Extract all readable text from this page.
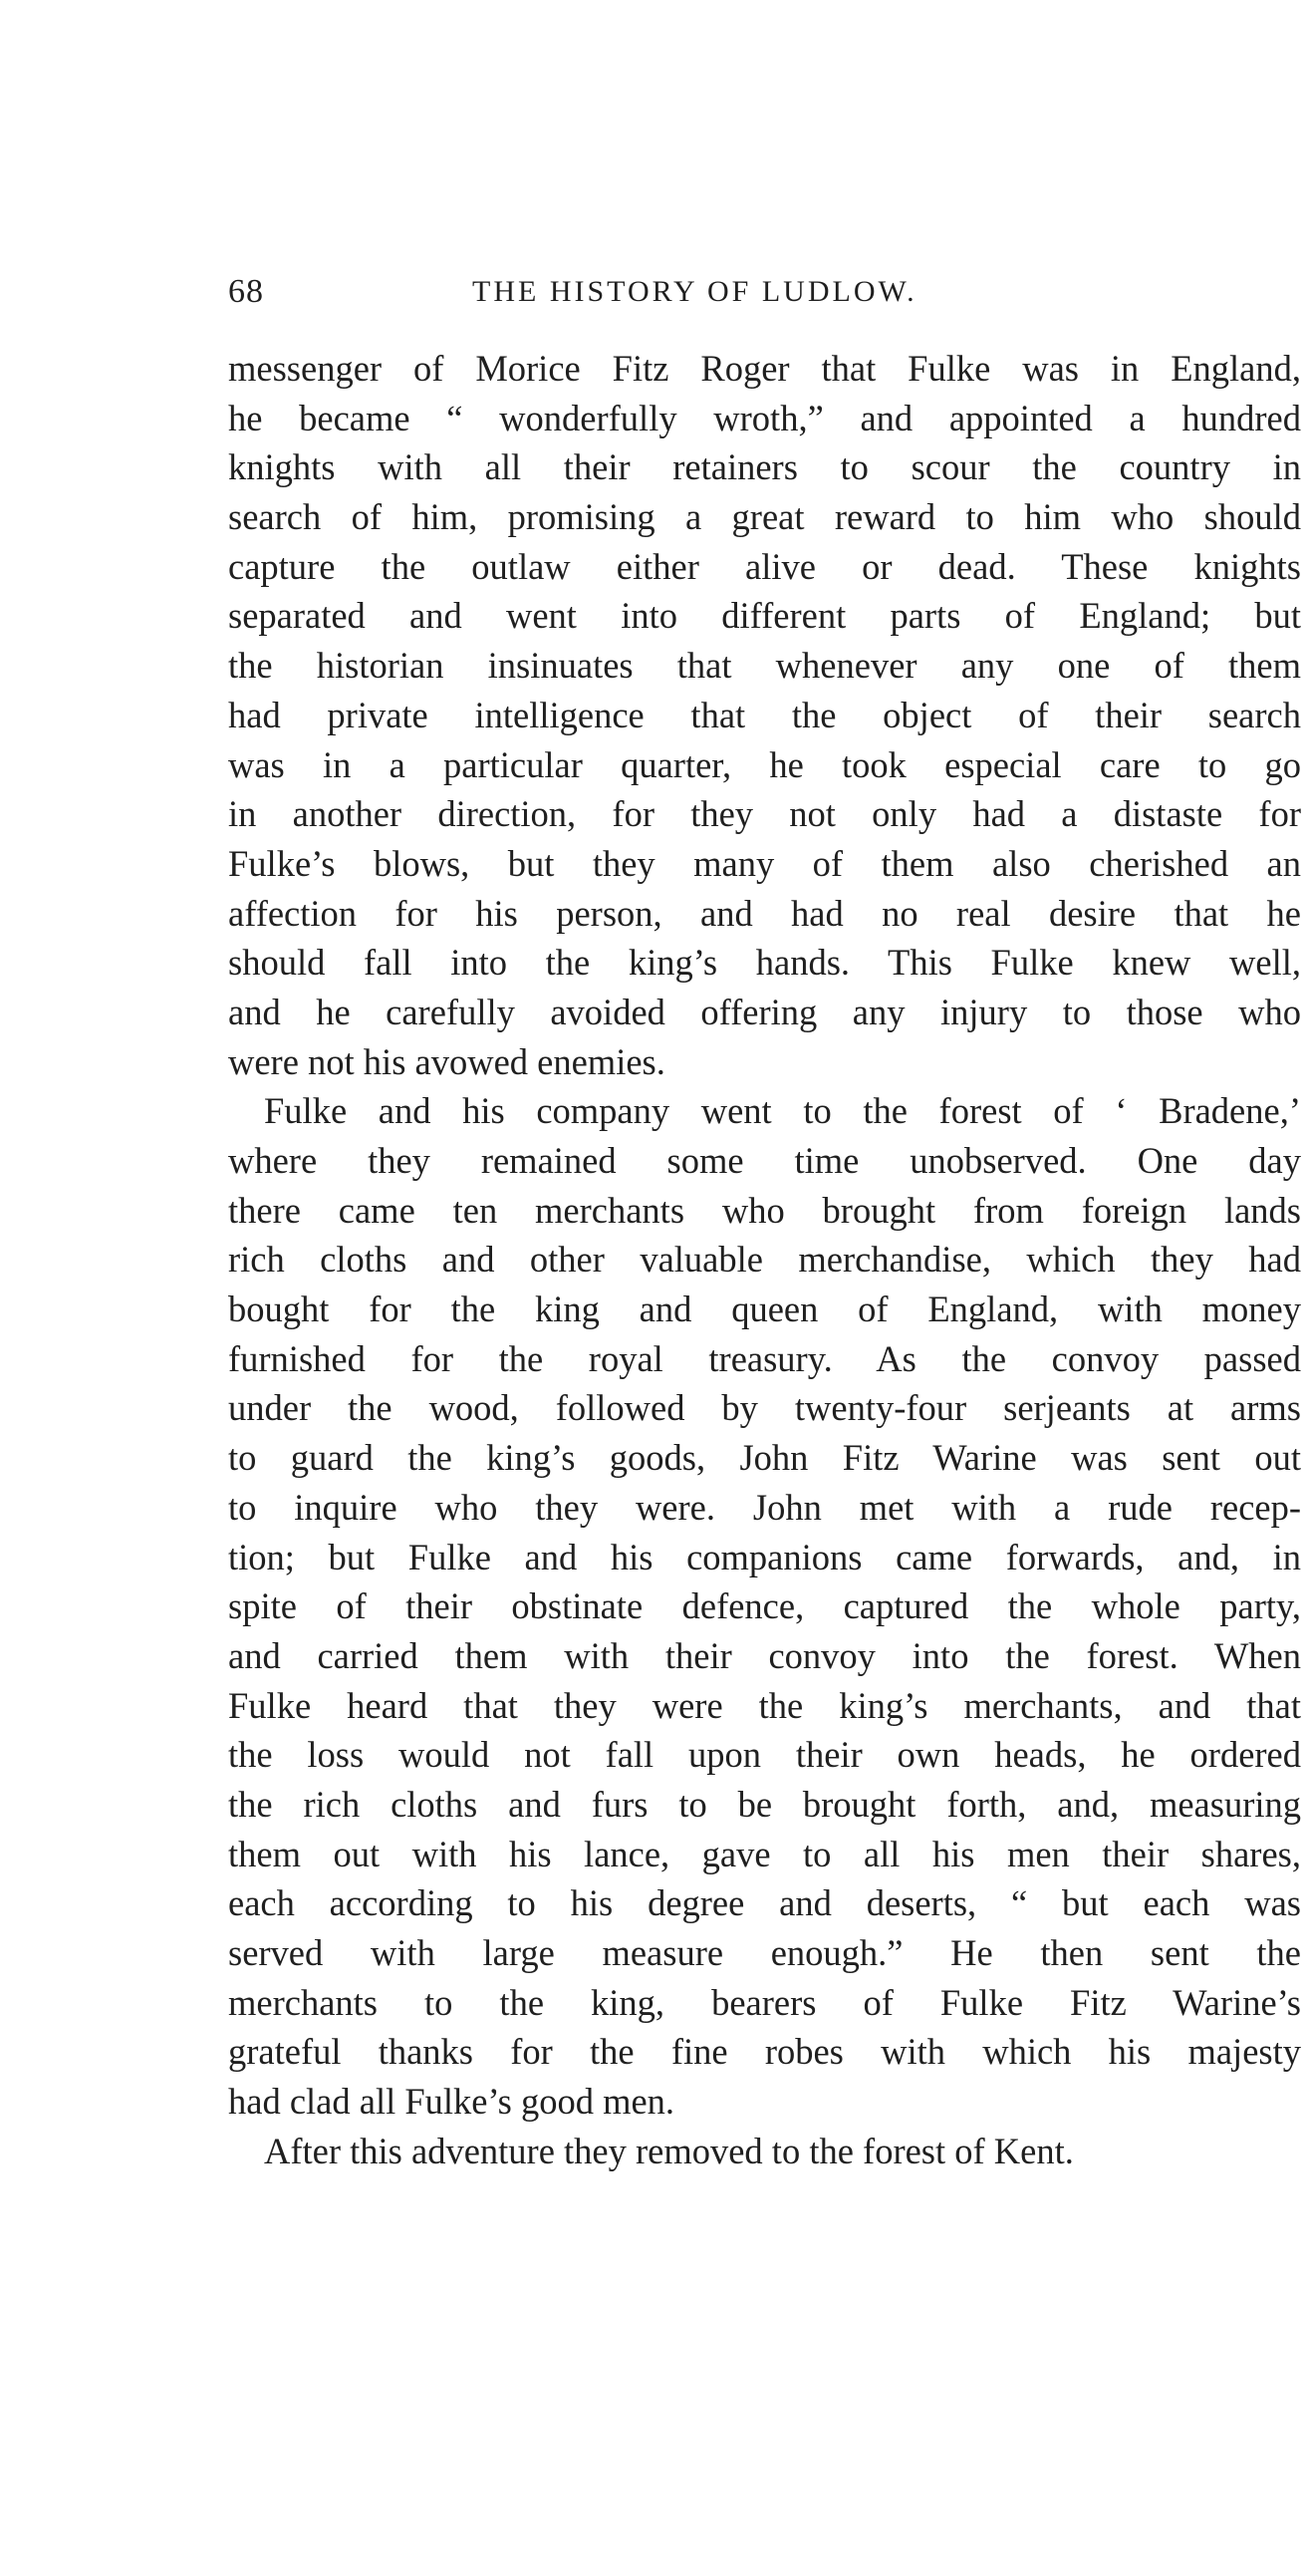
68	THE HISTORY OF LUDLOW.
messenger of Morice Fitz Roger that Fulke was in England,
he became “ wonderfully wroth,” and appointed a hundred
knights with all their retainers to scour the country in
search of him, promising a great reward to him who should
capture the outlaw either alive or dead. These knights
separated and went into different parts of England; but
the historian insinuates that whenever any one of them
had private intelligence that the object of their search
was in a particular quarter, he took especial care to go
in another direction, for they not only had a distaste for
Fulke’s blows, but they many of them also cherished an
affection for his person, and had no real desire that he
should fall into the king’s hands. This Fulke knew well,
and he carefully avoided offering any injury to those who
were not his avowed enemies.
Fulke and his company went to the forest of ‘ Bradene,’
where they remained some time unobserved. One day
there came ten merchants who brought from foreign lands
rich cloths and other valuable merchandise, which they had
bought for the king and queen of England, with money
furnished for the royal treasury. As the convoy passed
under the wood, followed by twenty-four serjeants at arms
to guard the king’s goods, John Fitz Warine was sent out
to inquire who they were. John met with a rude recep-
tion; but Fulke and his companions came forwards, and, in
spite of their obstinate defence, captured the whole party,
and carried them with their convoy into the forest. When
Fulke heard that they were the king’s merchants, and that
the loss would not fall upon their own heads, he ordered
the rich cloths and furs to be brought forth, and, measuring
them out with his lance, gave to all his men their shares,
each according to his degree and deserts, “ but each was
served with large measure enough.” He then sent the
merchants to the king, bearers of Fulke Fitz Warine’s
grateful thanks for the fine robes with which his majesty
had clad all Fulke’s good men.
After this adventure they removed to the forest of Kent.
